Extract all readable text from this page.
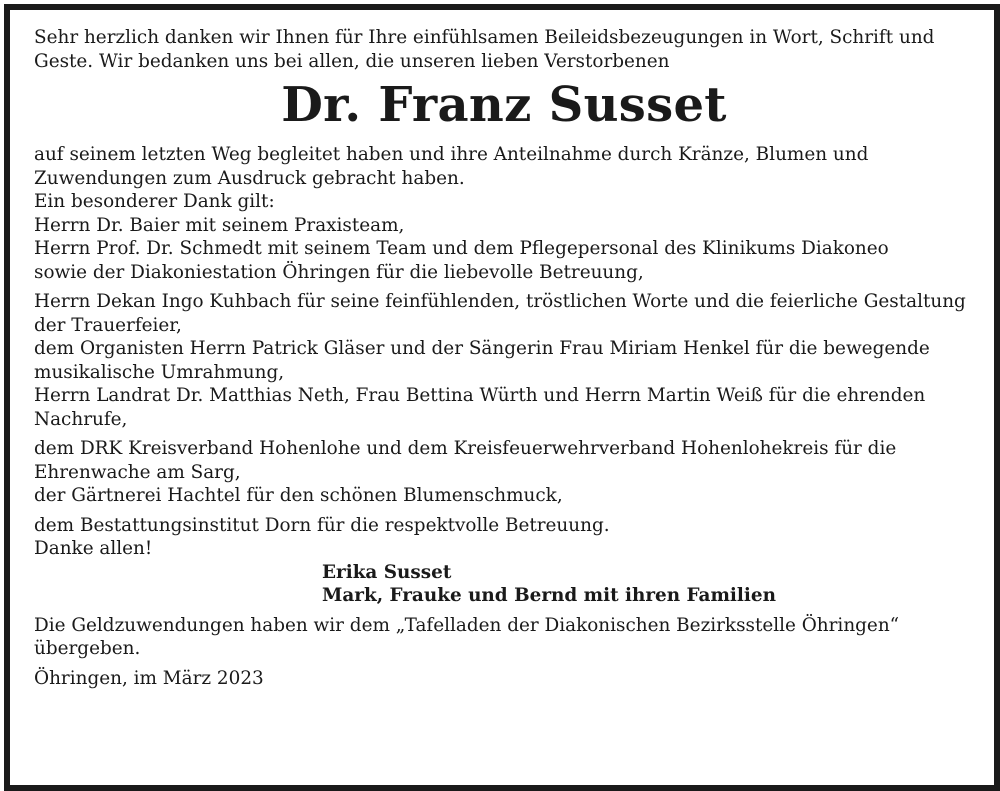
Sehr herzlich danken wir Ihnen für Ihre einfühlsamen Beileidsbezeugungen in Wort, Schrift und
Geste. Wir bedanken uns bei allen, die unseren lieben Verstorbenen
Dr. Franz Susset
auf seinem letzten Weg begleitet haben und ihre Anteilnahme durch Kränze, Blumen und
Zuwendungen zum Ausdruck gebracht haben.
Ein besonderer Dank gilt:
Herrn Dr. Baier mit seinem Praxisteam,
Herrn Prof. Dr. Schmedt mit seinem Team und dem Pflegepersonal des Klinikums Diakoneo
sowie der Diakoniestation Öhringen für die liebevolle Betreuung,
Herrn Dekan Ingo Kuhbach für seine feinfühlenden, tröstlichen Worte und die feierliche Gestaltung
der Trauerfeier,
dem Organisten Herrn Patrick Gläser und der Sängerin Frau Miriam Henkel für die bewegende
musikalische Umrahmung,
Herrn Landrat Dr. Matthias Neth, Frau Bettina Würth und Herrn Martin Weiß für die ehrenden
Nachrufe,
dem DRK Kreisverband Hohenlohe und dem Kreisfeuerwehrverband Hohenlohekreis für die
Ehrenwache am Sarg,
der Gärtnerei Hachtel für den schönen Blumenschmuck,
dem Bestattungsinstitut Dorn für die respektvolle Betreuung.
Danke allen!
Erika Susset
Mark, Frauke und Bernd mit ihren Familien
Die Geldzuwendungen haben wir dem „Tafelladen der Diakonischen Bezirksstelle Öhringen“
übergeben.
Öhringen, im März 2023
